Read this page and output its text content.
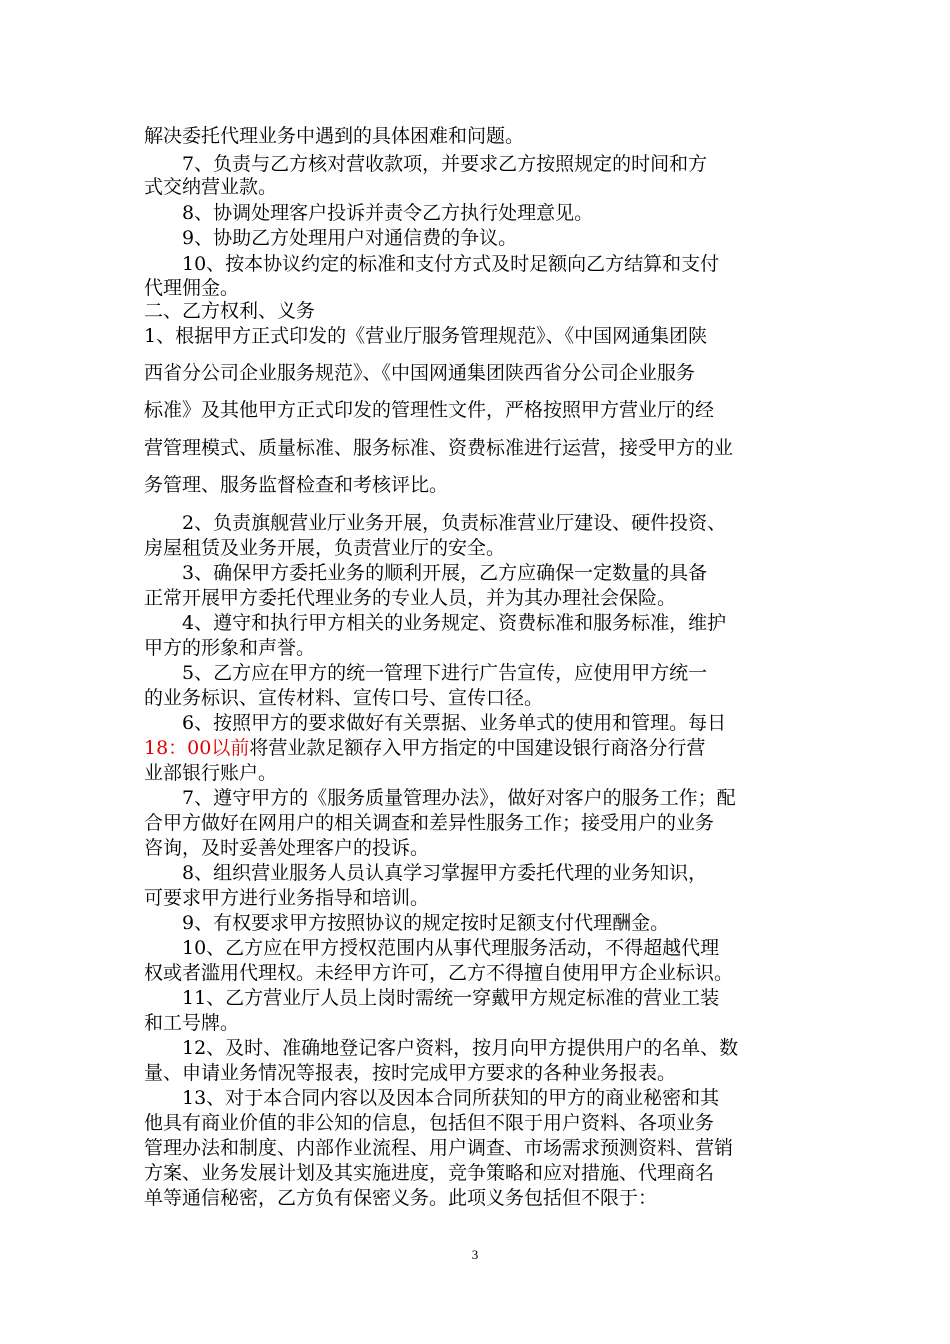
解决委托代理业务中遇到的具体困难和问题。

　　7、负责与乙方核对营收款项，并要求乙方按照规定的时间和方

式交纳营业款。

　　8、协调处理客户投诉并责令乙方执行处理意见。

　　9、协助乙方处理用户对通信费的争议。

　　10、按本协议约定的标准和支付方式及时足额向乙方结算和支付

代理佣金。

二、乙方权利、义务

1、根据甲方正式印发的《营业厅服务管理规范》、《中国网通集团陕

西省分公司企业服务规范》、《中国网通集团陕西省分公司企业服务

标准》及其他甲方正式印发的管理性文件，严格按照甲方营业厅的经

营管理模式、质量标准、服务标准、资费标准进行运营，接受甲方的业

务管理、服务监督检查和考核评比。

　　2、负责旗舰营业厅业务开展，负责标准营业厅建设、硬件投资、

房屋租赁及业务开展，负责营业厅的安全。

　　3、确保甲方委托业务的顺利开展，乙方应确保一定数量的具备

正常开展甲方委托代理业务的专业人员，并为其办理社会保险。

　　4、遵守和执行甲方相关的业务规定、资费标准和服务标准，维护

甲方的形象和声誉。

　　5、乙方应在甲方的统一管理下进行广告宣传，应使用甲方统一

的业务标识、宣传材料、宣传口号、宣传口径。

　　6、按照甲方的要求做好有关票据、业务单式的使用和管理。每日

18：00以前将营业款足额存入甲方指定的中国建设银行商洛分行营

业部银行账户。

　　7、遵守甲方的《服务质量管理办法》，做好对客户的服务工作；配

合甲方做好在网用户的相关调查和差异性服务工作；接受用户的业务

咨询，及时妥善处理客户的投诉。

　　8、组织营业服务人员认真学习掌握甲方委托代理的业务知识，

可要求甲方进行业务指导和培训。

　　9、有权要求甲方按照协议的规定按时足额支付代理酬金。

　　10、乙方应在甲方授权范围内从事代理服务活动，不得超越代理

权或者滥用代理权。未经甲方许可，乙方不得擅自使用甲方企业标识。

　　11、乙方营业厅人员上岗时需统一穿戴甲方规定标准的营业工装

和工号牌。

　　12、及时、准确地登记客户资料，按月向甲方提供用户的名单、数

量、申请业务情况等报表，按时完成甲方要求的各种业务报表。

　　13、对于本合同内容以及因本合同所获知的甲方的商业秘密和其

他具有商业价值的非公知的信息，包括但不限于用户资料、各项业务

管理办法和制度、内部作业流程、用户调查、市场需求预测资料、营销

方案、业务发展计划及其实施进度，竞争策略和应对措施、代理商名

单等通信秘密，乙方负有保密义务。此项义务包括但不限于：

3
